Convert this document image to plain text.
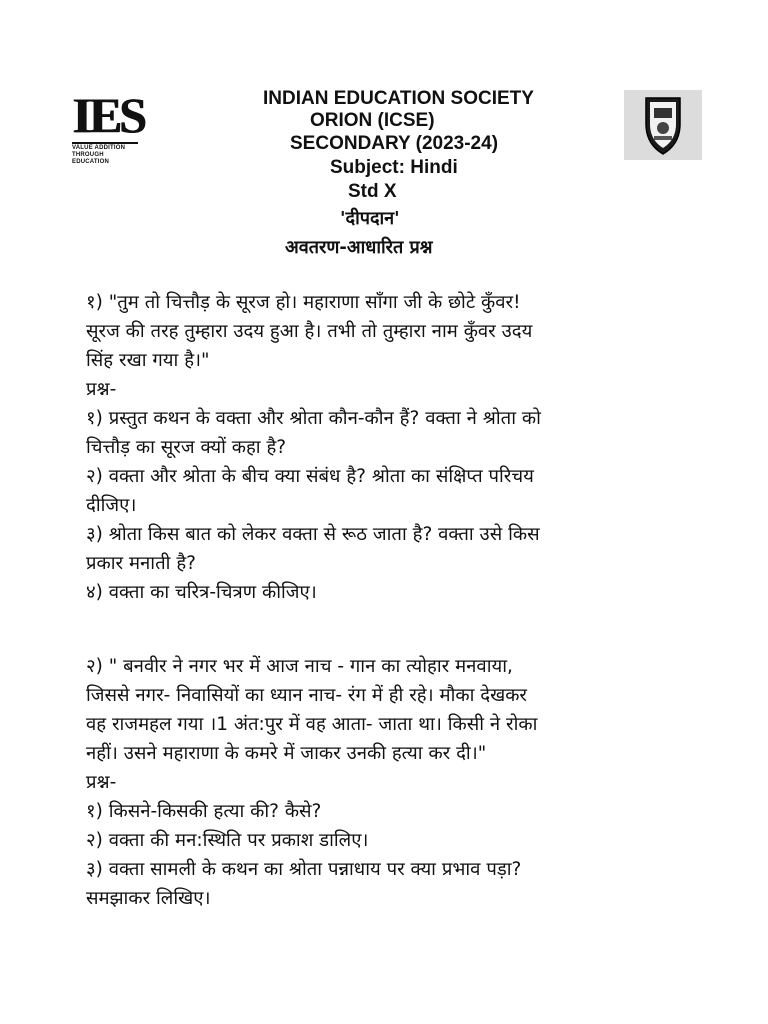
IES
VALUE ADDITION
THROUGH EDUCATION
INDIAN EDUCATION SOCIETY
ORION (ICSE)
SECONDARY (2023-24)
Subject: Hindi
Std X
'दीपदान'
अवतरण-आधारित प्रश्न
१) "तुम तो चित्तौड़ के सूरज हो। महाराणा साँगा जी के छोटे कुँवर!
सूरज की तरह तुम्हारा उदय हुआ है। तभी तो तुम्हारा नाम कुँवर उदय
सिंह रखा गया है।"
प्रश्न-
१) प्रस्तुत कथन के वक्ता और श्रोता कौन-कौन हैं? वक्ता ने श्रोता को
चित्तौड़ का सूरज क्यों कहा है?
२) वक्ता और श्रोता के बीच क्या संबंध है? श्रोता का संक्षिप्त परिचय
दीजिए।
३) श्रोता किस बात को लेकर वक्ता से रूठ जाता है? वक्ता उसे किस
प्रकार मनाती है?
४) वक्ता का चरित्र-चित्रण कीजिए।
२) " बनवीर ने नगर भर में आज नाच - गान का त्योहार मनवाया,
जिससे नगर- निवासियों का ध्यान नाच- रंग में ही रहे। मौका देखकर
वह राजमहल गया ।1 अंत:पुर में वह आता- जाता था। किसी ने रोका
नहीं। उसने महाराणा के कमरे में जाकर उनकी हत्या कर दी।"
प्रश्न-
१) किसने-किसकी हत्या की? कैसे?
२) वक्ता की मन:स्थिति पर प्रकाश डालिए।
३) वक्ता सामली के कथन का श्रोता पन्नाधाय पर क्या प्रभाव पड़ा?
समझाकर लिखिए।
